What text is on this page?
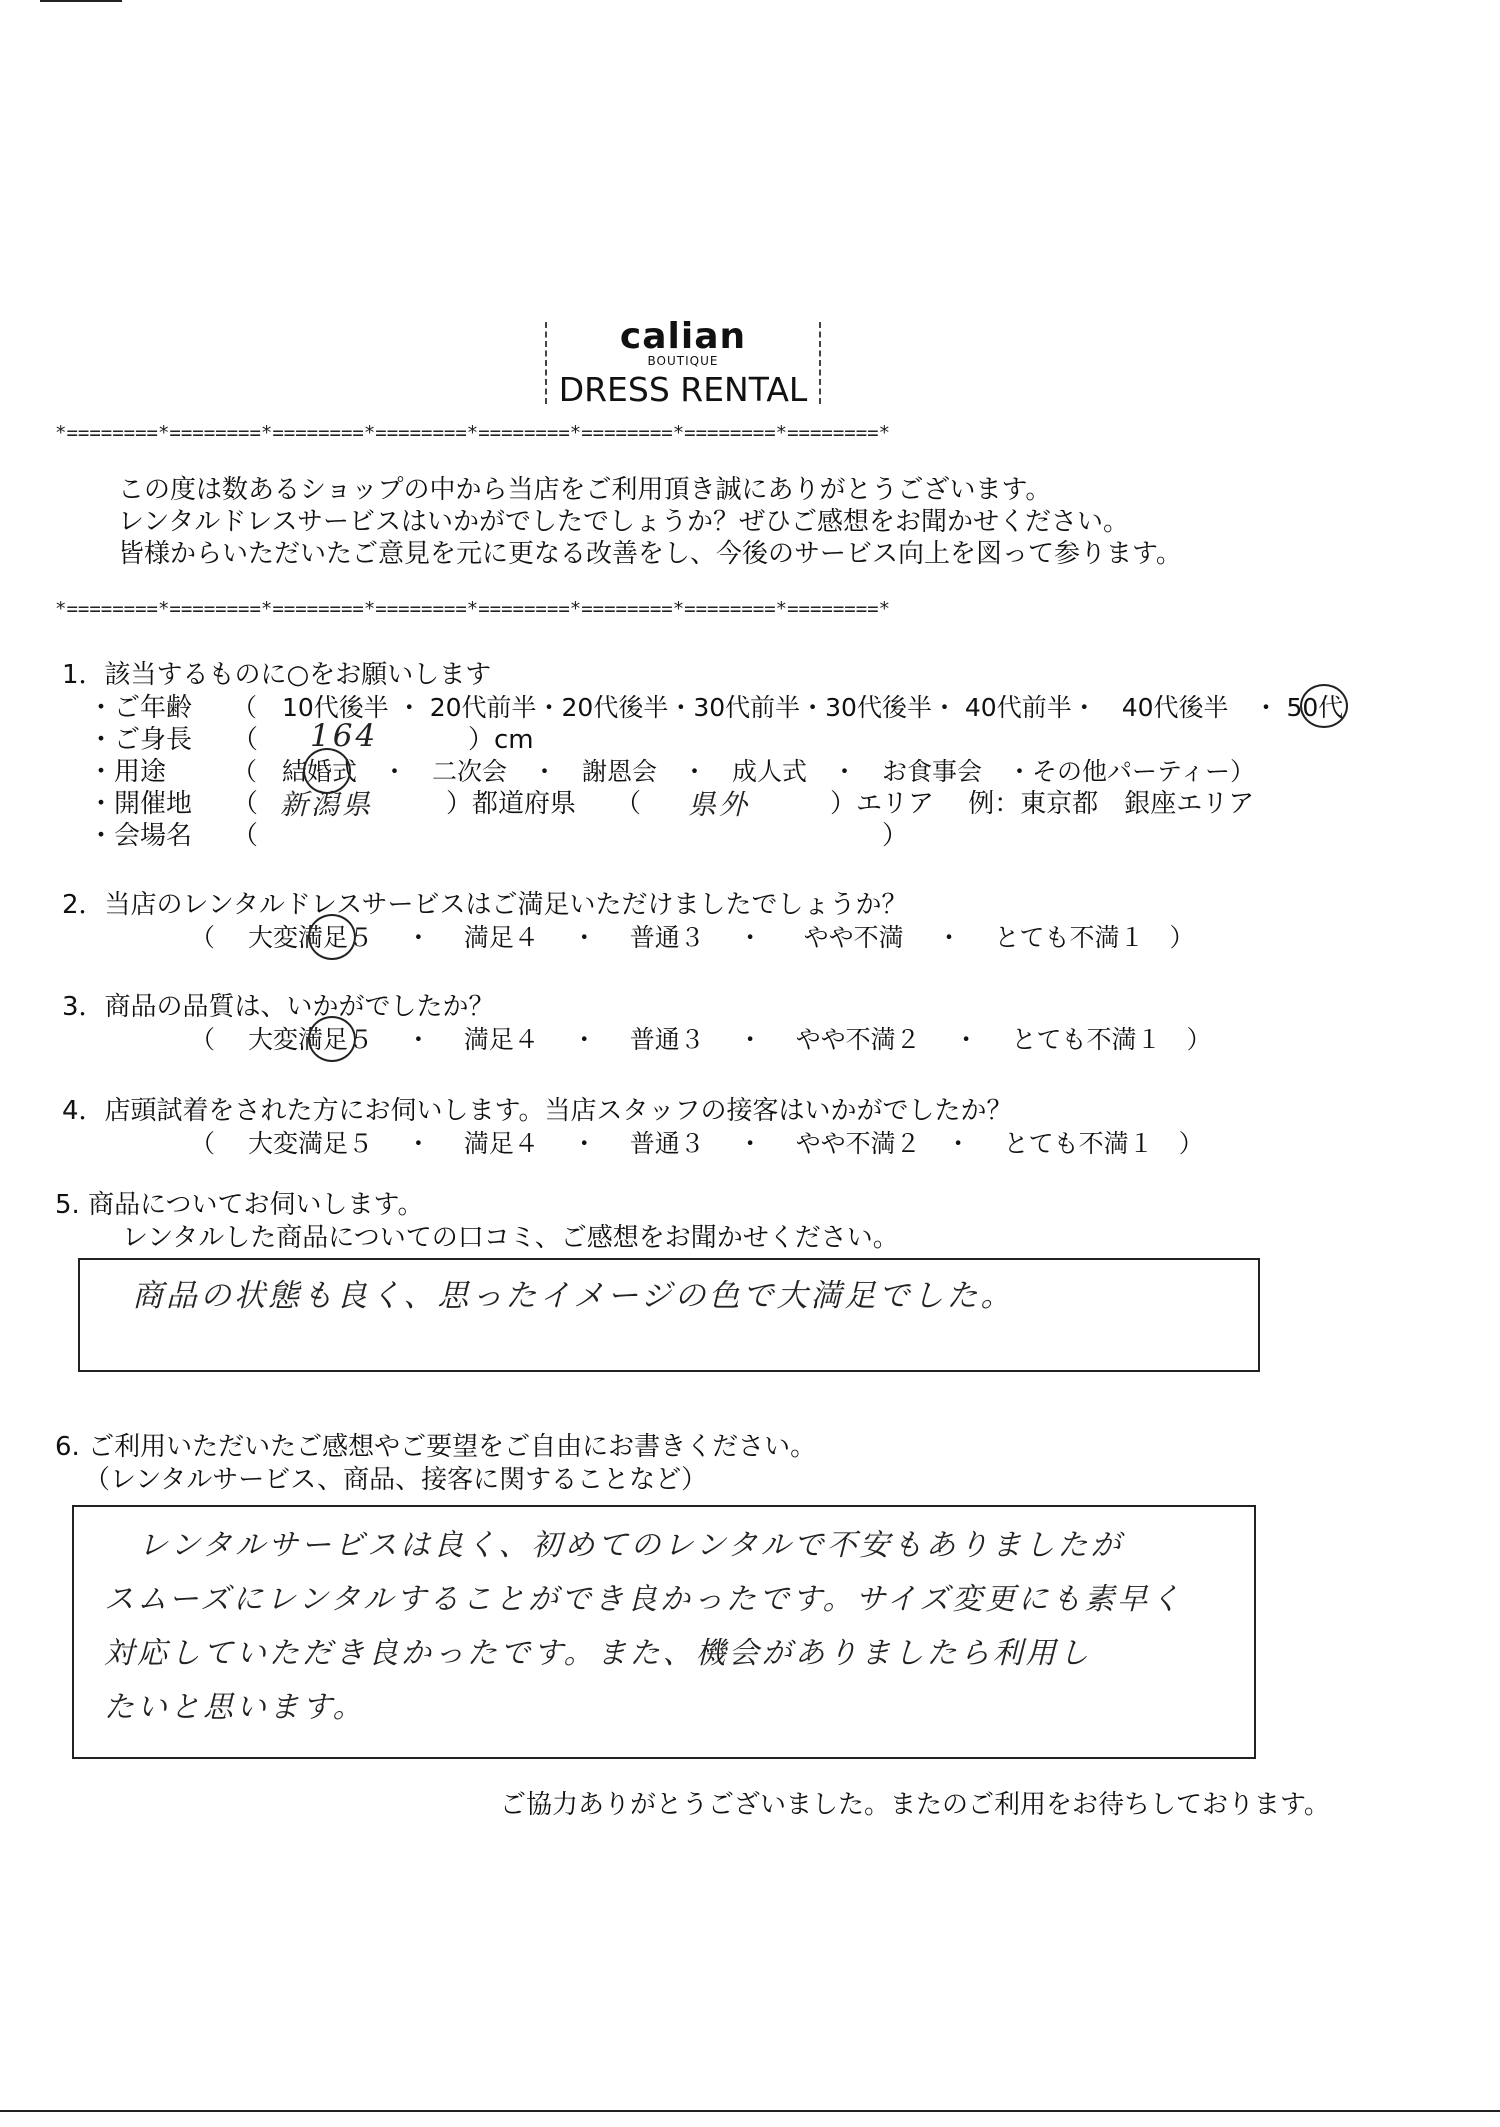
calian
BOUTIQUE
DRESS RENTAL
*========*========*========*========*========*========*========*========*
この度は数あるショップの中から当店をご利用頂き誠にありがとうございます。
レンタルドレスサービスはいかがでしたでしょうか？ぜひご感想をお聞かせください。
皆様からいただいたご意見を元に更なる改善をし、今後のサービス向上を図って参ります。
*========*========*========*========*========*========*========*========*
1．該当するものに○をお願いします
・ご年齢 （　10代後半 ・ 20代前半・20代後半・30代前半・30代後半・ 40代前半・　40代後半　・ 50代
・ご身長 （ 164	）cm
・用途	（　結婚式　・　二次会　・　謝恩会　・　成人式　・　お食事会　・その他パーティー）
・開催地 （ 新潟県	）都道府県　　（ 県外	）エリア　 例：東京都　銀座エリア
・会場名 （　　　　　　　　　　　　　　　　　　　　　　　　）
2．当店のレンタルドレスサービスはご満足いただけましたでしょうか？
（　 大変満足５　 ・　 満足４ 　・　 普通３　 ・ 　 やや不満　 ・　 とても不満１　）
3．商品の品質は、いかがでしたか？
（　 大変満足５　 ・　 満足４ 　・　 普通３　 ・　 やや不満２　 ・　 とても不満１　）
4．店頭試着をされた方にお伺いします。当店スタッフの接客はいかがでしたか？
（　 大変満足５　 ・　 満足４ 　・　 普通３　 ・　 やや不満２　・　 とても不満１　）
5. 商品についてお伺いします。
レンタルした商品についての口コミ、ご感想をお聞かせください。
商品の状態も良く、思ったイメージの色で大満足でした。
6. ご利用いただいたご感想やご要望をご自由にお書きください。
（レンタルサービス、商品、接客に関することなど）
レンタルサービスは良く、初めてのレンタルで不安もありましたが
スムーズにレンタルすることができ良かったです。サイズ変更にも素早く
対応していただき良かったです。また、機会がありましたら利用し
たいと思います。
ご協力ありがとうございました。またのご利用をお待ちしております。
